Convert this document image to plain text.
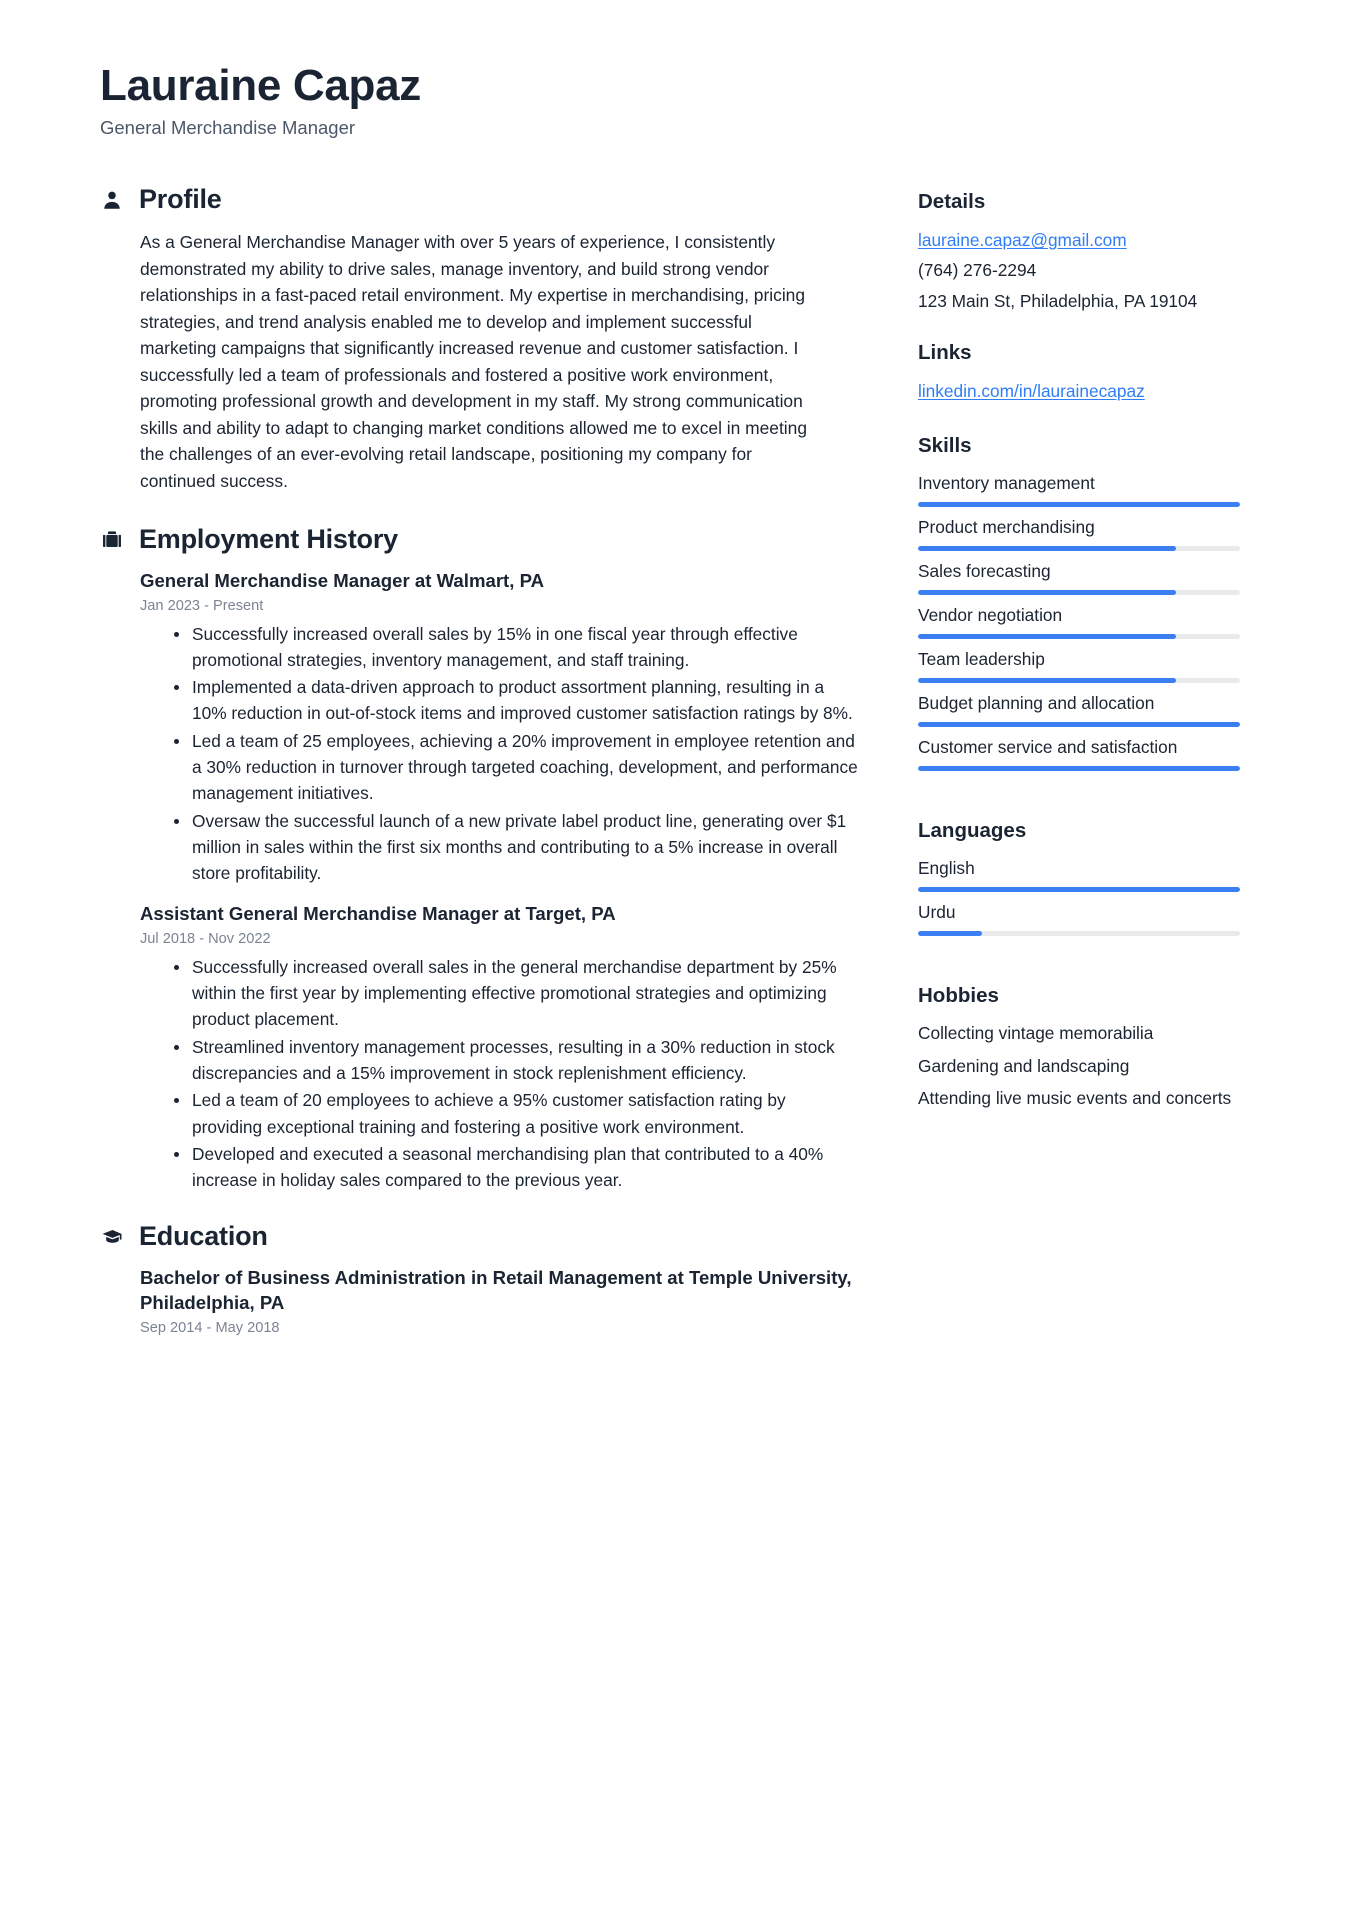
Lauraine Capaz
General Merchandise Manager
Profile

As a General Merchandise Manager with over 5 years of experience, I consistently demonstrated my ability to drive sales, manage inventory, and build strong vendor relationships in a fast-paced retail environment. My expertise in merchandising, pricing strategies, and trend analysis enabled me to develop and implement successful marketing campaigns that significantly increased revenue and customer satisfaction. I successfully led a team of professionals and fostered a positive work environment, promoting professional growth and development in my staff. My strong communication skills and ability to adapt to changing market conditions allowed me to excel in meeting the challenges of an ever-evolving retail landscape, positioning my company for continued success.

Employment History
General Merchandise Manager at Walmart, PA
Jan 2023 - Present
Successfully increased overall sales by 15% in one fiscal year through effective promotional strategies, inventory management, and staff training.
Implemented a data-driven approach to product assortment planning, resulting in a 10% reduction in out-of-stock items and improved customer satisfaction ratings by 8%.
Led a team of 25 employees, achieving a 20% improvement in employee retention and a 30% reduction in turnover through targeted coaching, development, and performance management initiatives.
Oversaw the successful launch of a new private label product line, generating over $1 million in sales within the first six months and contributing to a 5% increase in overall store profitability.
Assistant General Merchandise Manager at Target, PA
Jul 2018 - Nov 2022
Successfully increased overall sales in the general merchandise department by 25% within the first year by implementing effective promotional strategies and optimizing product placement.
Streamlined inventory management processes, resulting in a 30% reduction in stock discrepancies and a 15% improvement in stock replenishment efficiency.
Led a team of 20 employees to achieve a 95% customer satisfaction rating by providing exceptional training and fostering a positive work environment.
Developed and executed a seasonal merchandising plan that contributed to a 40% increase in holiday sales compared to the previous year.
Education
Bachelor of Business Administration in Retail Management at Temple University, Philadelphia, PA
Sep 2014 - May 2018
Details
lauraine.capaz@gmail.com
(764) 276-2294
123 Main St, Philadelphia, PA 19104
Links
linkedin.com/in/laurainecapaz
Skills
Inventory management
Product merchandising
Sales forecasting
Vendor negotiation
Team leadership
Budget planning and allocation
Customer service and satisfaction
Languages
English
Urdu
Hobbies
Collecting vintage memorabilia
Gardening and landscaping
Attending live music events and concerts
